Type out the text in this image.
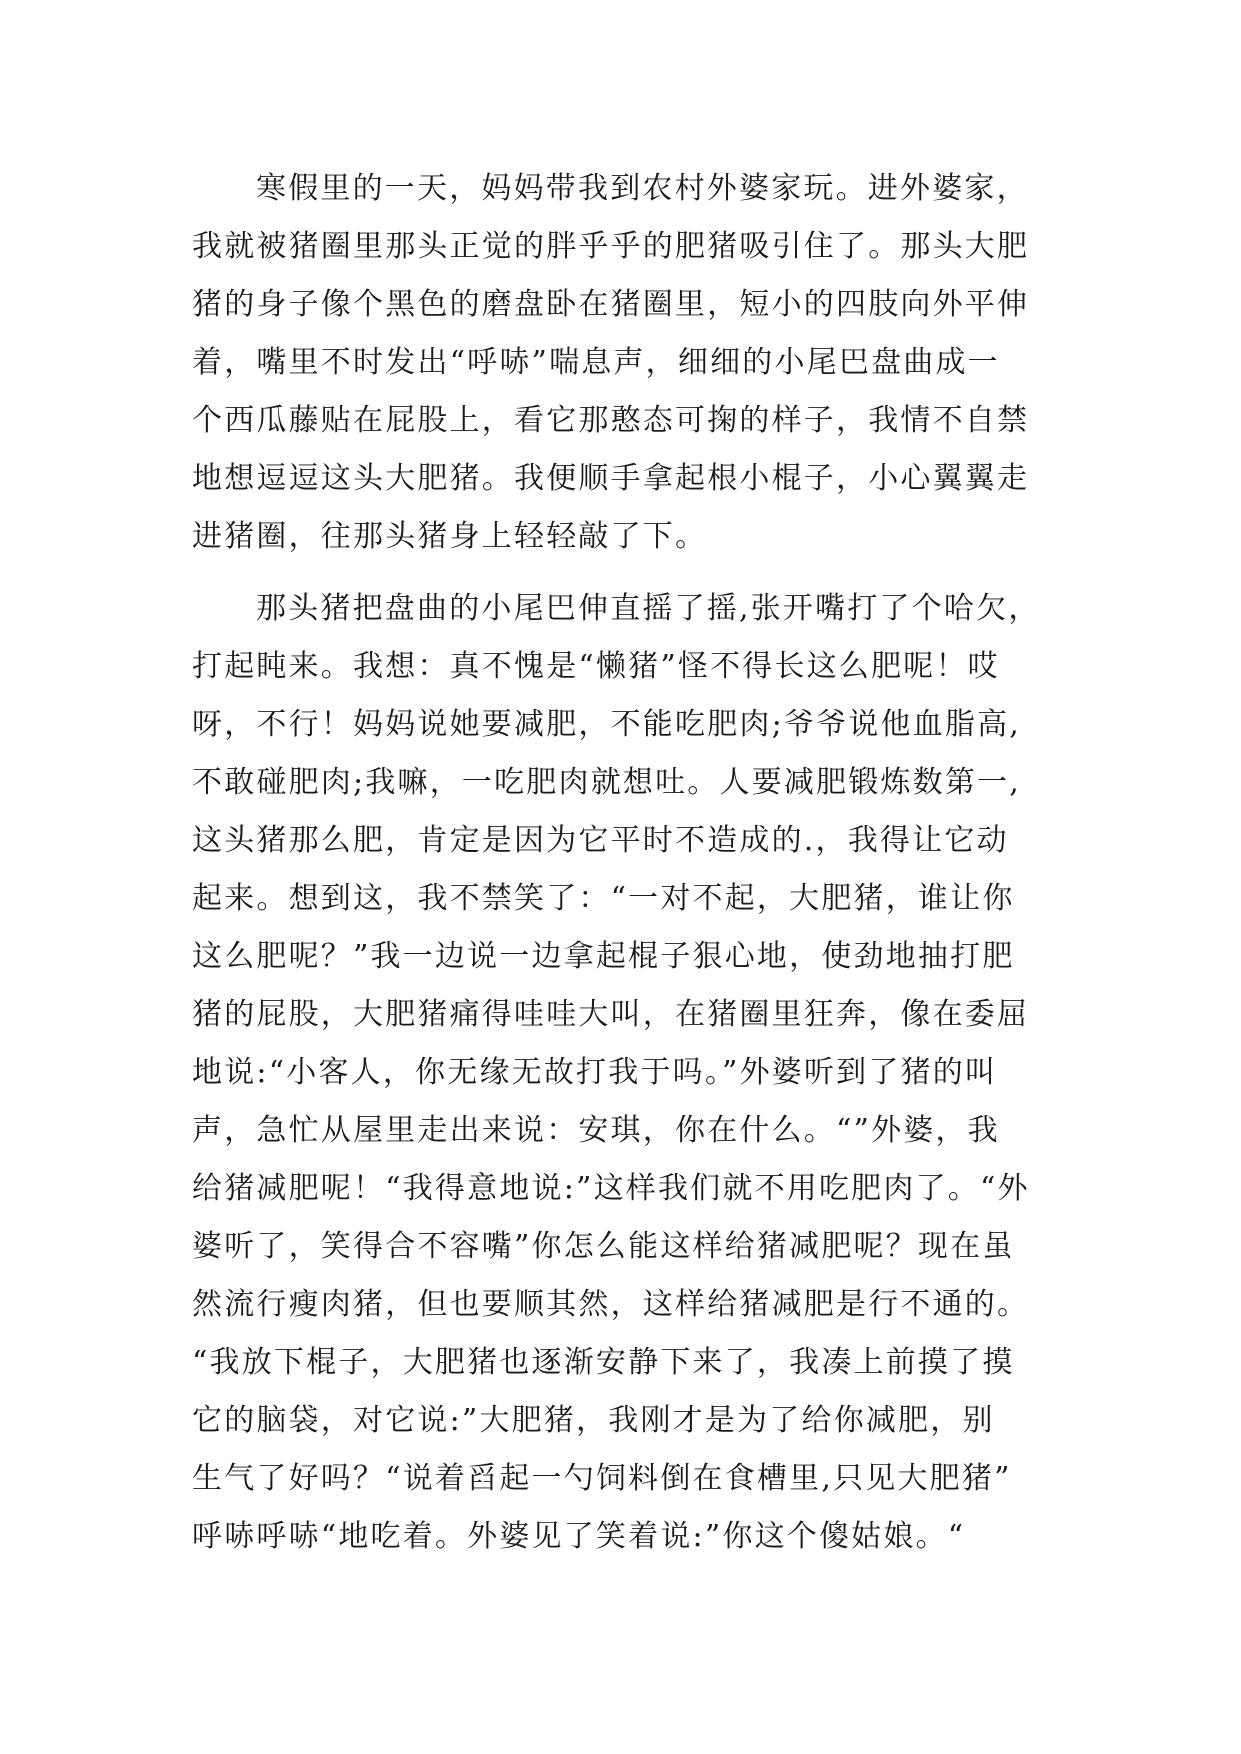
寒假里的一天，妈妈带我到农村外婆家玩。进外婆家，
我就被猪圈里那头正觉的胖乎乎的肥猪吸引住了。那头大肥
猪的身子像个黑色的磨盘卧在猪圈里，短小的四肢向外平伸
着，嘴里不时发出“呼哧”喘息声，细细的小尾巴盘曲成一
个西瓜藤贴在屁股上，看它那憨态可掬的样子，我情不自禁
地想逗逗这头大肥猪。我便顺手拿起根小棍子，小心翼翼走
进猪圈，往那头猪身上轻轻敲了下。
那头猪把盘曲的小尾巴伸直摇了摇,张开嘴打了个哈欠，
打起盹来。我想：真不愧是“懒猪”怪不得长这么肥呢！哎
呀，不行！妈妈说她要减肥，不能吃肥肉;爷爷说他血脂高,
不敢碰肥肉;我嘛，一吃肥肉就想吐。人要减肥锻炼数第一,
这头猪那么肥，肯定是因为它平时不造成的.，我得让它动
起来。想到这，我不禁笑了：“一对不起，大肥猪，谁让你
这么肥呢？”我一边说一边拿起棍子狠心地，使劲地抽打肥
猪的屁股，大肥猪痛得哇哇大叫，在猪圈里狂奔，像在委屈
地说:“小客人，你无缘无故打我于吗。”外婆听到了猪的叫
声，急忙从屋里走出来说：安琪，你在什么。“”外婆，我
给猪减肥呢！“我得意地说:”这样我们就不用吃肥肉了。“外
婆听了，笑得合不容嘴”你怎么能这样给猪减肥呢？现在虽
然流行瘦肉猪，但也要顺其然，这样给猪减肥是行不通的。
“我放下棍子，大肥猪也逐渐安静下来了，我凑上前摸了摸
它的脑袋，对它说:”大肥猪，我刚才是为了给你减肥，别
生气了好吗？“说着舀起一勺饲料倒在食槽里,只见大肥猪”
呼哧呼哧“地吃着。外婆见了笑着说:”你这个傻姑娘。“
